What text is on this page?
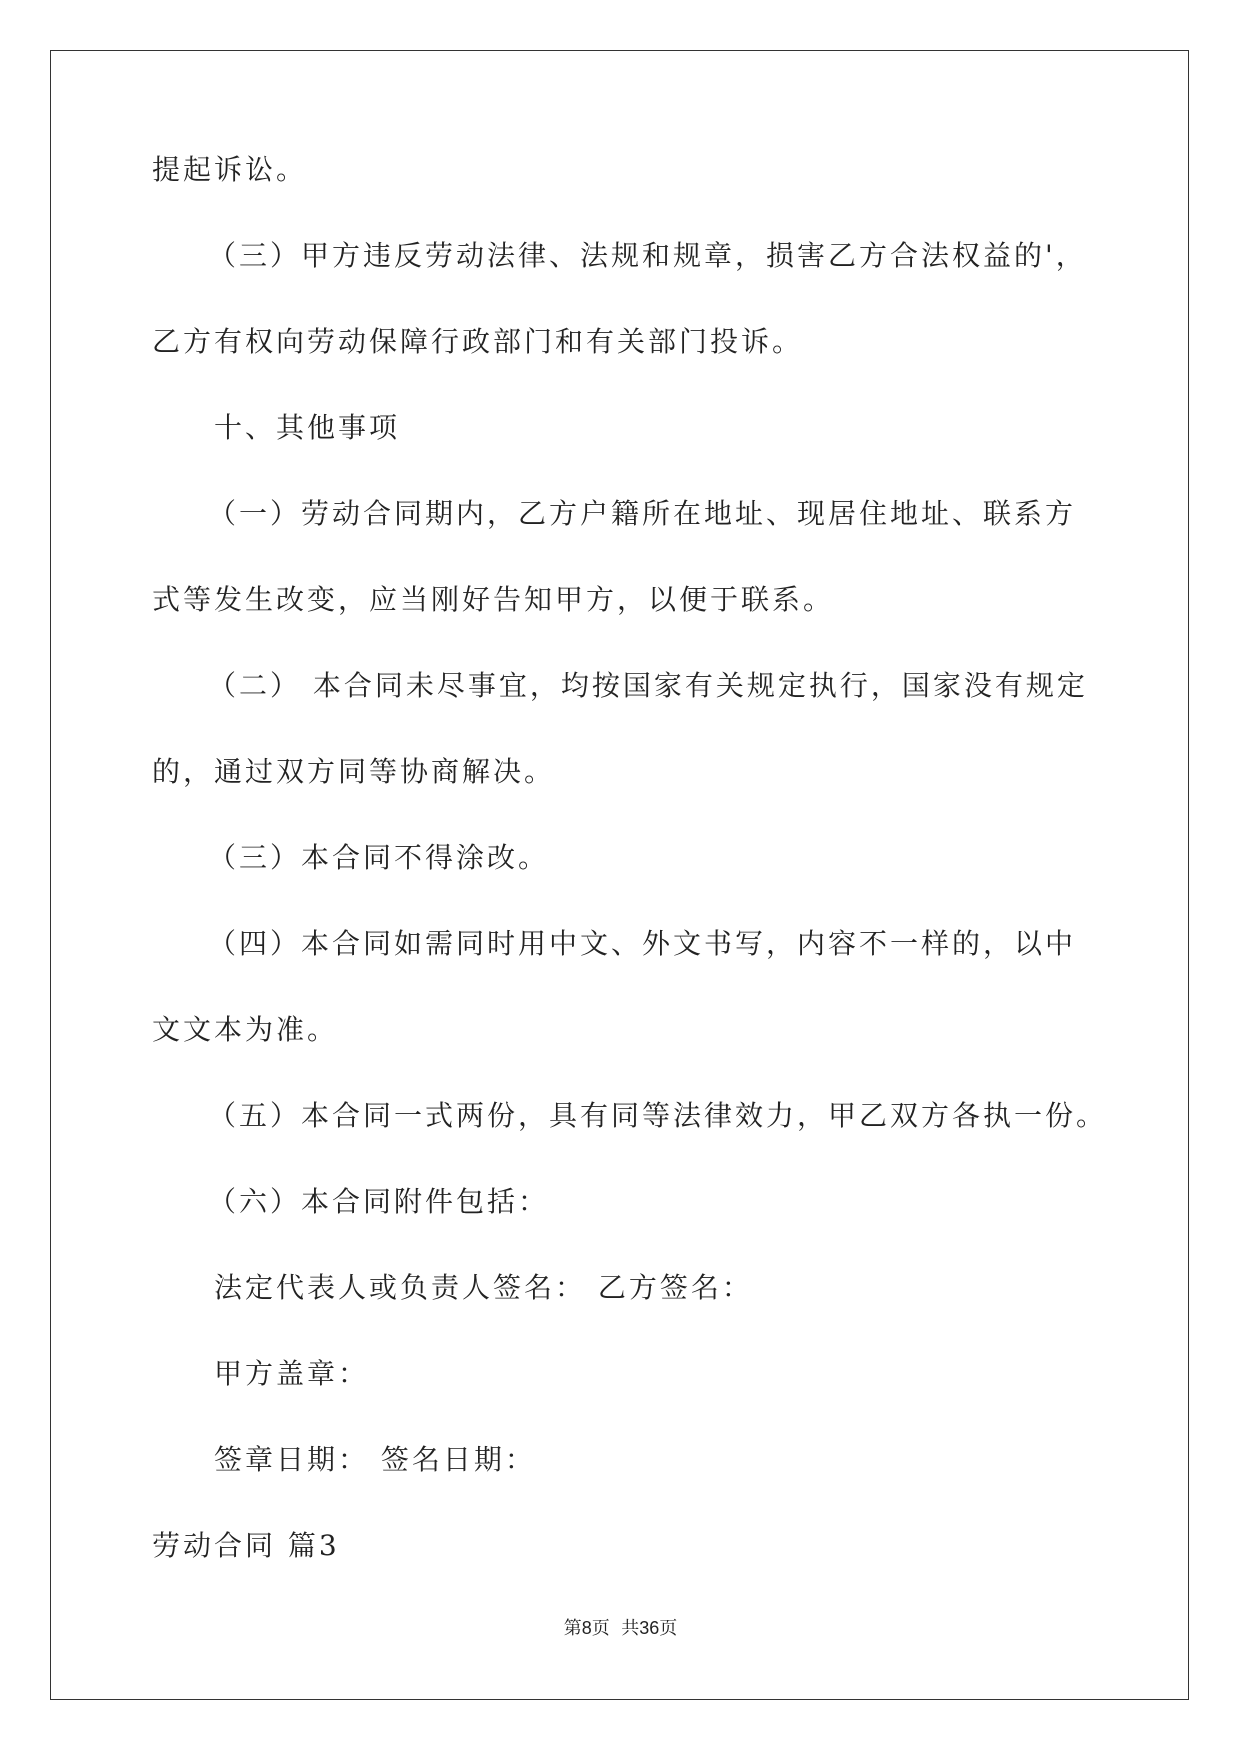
提起诉讼。
（三）甲方违反劳动法律、法规和规章，损害乙方合法权益的'，
乙方有权向劳动保障行政部门和有关部门投诉。
十、其他事项
（一）劳动合同期内，乙方户籍所在地址、现居住地址、联系方
式等发生改变，应当刚好告知甲方，以便于联系。
（二） 本合同未尽事宜，均按国家有关规定执行，国家没有规定
的，通过双方同等协商解决。
（三）本合同不得涂改。
（四）本合同如需同时用中文、外文书写，内容不一样的，以中
文文本为准。
（五）本合同一式两份，具有同等法律效力，甲乙双方各执一份。
（六）本合同附件包括：
法定代表人或负责人签名： 乙方签名：
甲方盖章：
签章日期： 签名日期：
劳动合同 篇3
第8页  共36页
